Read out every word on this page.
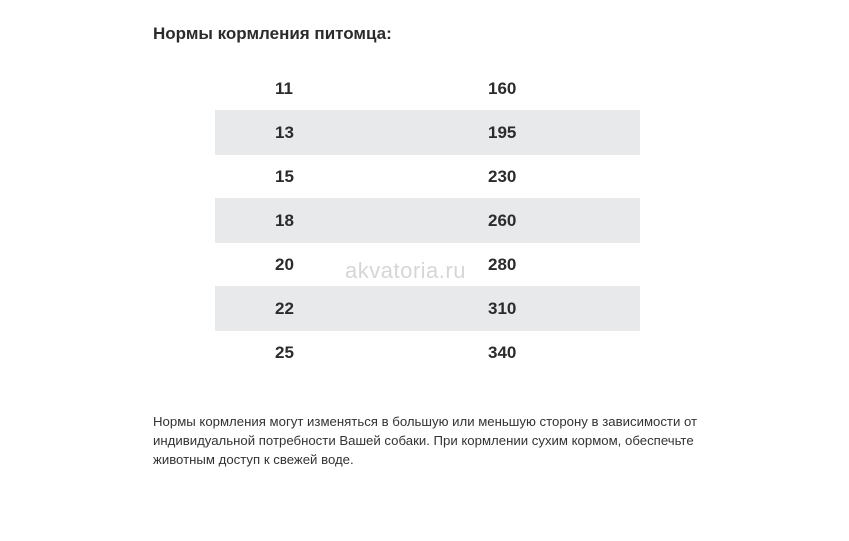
Нормы кормления питомца:
11	160
13	195
15	230
18	260
20	280
22	310
25	340
akvatoria.ru

Нормы кормления могут изменяться в большую или меньшую сторону в зависимости от индивидуальной потребности Вашей собаки. При кормлении сухим кормом, обеспечьте животным доступ к свежей воде.
